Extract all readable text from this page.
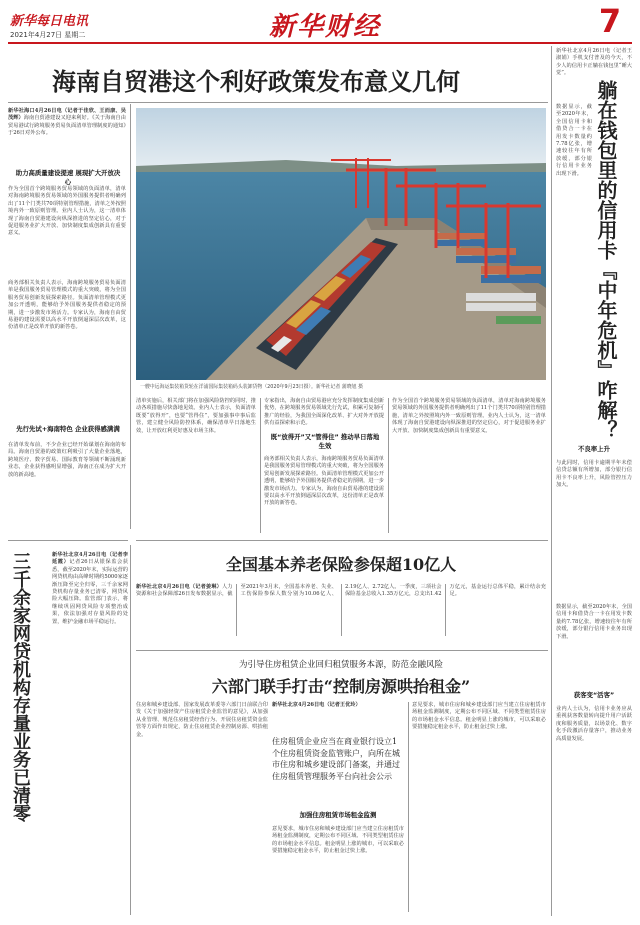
新华每日电讯
2021年4月27日 星期二	新华财经	7
海南自贸港这个利好政策发布意义几何
新华社海口4月26日电（记者于佳欣、王而康、吴茂辉）海南自贸港建设又迎来利好。《关于海南自由贸易港试行跨境服务贸易负面清单管理制度的通知》于26日对外公布。
助力高质量建设提速 展现扩大开放决心
作为全国首个跨境服务贸易领域的负面清单，清单对海南跨境服务贸易领域的外国服务提供者明确列出了11个门类共70项特别管理措施，清单之外按照境内外一致原则管理。业内人士认为，这一清单体现了海南自贸港建设向纵深推进的坚定信心，对于促进服务业扩大开放、加快制度集成创新具有重要意义。
商务部相关负责人表示，海南跨境服务贸易负面清单是我国服务贸易管理模式的重大突破，将为全国服务贸易创新发展探索路径。负面清单管理模式更加公开透明，能够给予外国服务提供者稳定的预期，进一步激发市场活力。专家认为，海南自由贸易港的建设需要以高水平开放倒逼深层次改革，这份清单正是改革开放的新答卷。
先行先试+海南特色 企业获得感满满
在清单发布前，不少企业已经开始谋划在海南的布局。海南自贸港的政策红利吸引了大量企业落地，跨境医疗、数字贸易、国际教育等领域不断涌现新业态，企业获得感明显增强，海南正在成为扩大开放的新高地。
三千余家网贷机构存量业务已清零	新华社北京4月26日电（记者李延霞）记者26日从银保监会获悉，截至2020年末，实际运营的网贷机构由高峰时期约5000家逐渐压降至完全归零，三千余家网贷机构存量业务已清零，网贷风险大幅压降。监管部门表示，将继续巩固网贷风险专项整治成果，依法加强对存量风险的处置，维护金融市场平稳运行。
一艘中远海运集装箱货轮在洋浦国际集装箱码头装卸货物（2020年9月23日摄）。新华社记者 蒲晓旭 摄
清单实施后，相关部门将在加强风险防控的同时，推动各项措施尽快落地见效。业内人士表示，负面清单既要“放得开”，也要“管得住”，要加强事中事后监管，建立健全风险防控体系，确保清单早日落地生效，让开放红利更好惠及市场主体。
专家指出，海南自由贸易港应充分发挥制度集成创新优势，在跨境服务贸易领域先行先试，积累可复制可推广的经验，为我国全面深化改革、扩大对外开放提供有益探索和示范。
既“放得开”又“管得住” 推动早日落地生效
商务部相关负责人表示，海南跨境服务贸易负面清单是我国服务贸易管理模式的重大突破，将为全国服务贸易创新发展探索路径。负面清单管理模式更加公开透明，能够给予外国服务提供者稳定的预期，进一步激发市场活力。专家认为，海南自由贸易港的建设需要以高水平开放倒逼深层次改革，这份清单正是改革开放的新答卷。
作为全国首个跨境服务贸易领域的负面清单，清单对海南跨境服务贸易领域的外国服务提供者明确列出了11个门类共70项特别管理措施，清单之外按照境内外一致原则管理。业内人士认为，这一清单体现了海南自贸港建设向纵深推进的坚定信心，对于促进服务业扩大开放、加快制度集成创新具有重要意义。
全国基本养老保险参保超10亿人
新华社北京4月26日电（记者姜琳）人力资源和社会保障部26日发布数据显示，截至2021年3月末，全国基本养老、失业、工伤保险参保人数分别为10.06亿人、2.19亿人、2.72亿人。一季度，三项社会保险基金总收入1.35万亿元，总支出1.42万亿元，基金运行总体平稳，累计结余充足。
为引导住房租赁企业回归租赁服务本源，防范金融风险
六部门联手打击“控制房源哄抬租金”
住房和城乡建设部、国家发展改革委等六部门日前联合印发《关于加强轻资产住房租赁企业监管的意见》，从加强从业管理、规范住房租赁经营行为、开展住房租赁资金监管等方面作出规定，防止住房租赁企业控制房源、哄抬租金。
新华社北京4月26日电（记者王优玲）
住房租赁企业应当在商业银行设立1个住房租赁资金监管账户，向所在城市住房和城乡建设部门备案，并通过住房租赁管理服务平台向社会公示
加强住房租赁市场租金监测
意见要求，城市住房和城乡建设部门应当建立住房租赁市场租金监测制度，定期公布不同区域、不同类型租赁住房的市场租金水平信息。租金明显上涨的城市，可以采取必要措施稳定租金水平，防止租金过快上涨。
意见要求，城市住房和城乡建设部门应当建立住房租赁市场租金监测制度，定期公布不同区域、不同类型租赁住房的市场租金水平信息。租金明显上涨的城市，可以采取必要措施稳定租金水平，防止租金过快上涨。
新华社北京4月26日电（记者王淑娟）手机支付普及的今天，不少人的信用卡正躺在钱包里“睡大觉”。
躺在钱包里的信用卡『中年危机』咋解？
数据显示，截至2020年末，全国信用卡和借贷合一卡在用发卡数量约7.78亿张，增速较往年有所放缓，部分银行信用卡业务出现下滑。
不良率上升
与此同时，信用卡逾期半年未偿信贷总额有所增加，部分银行信用卡不良率上升，风险管控压力加大。
数据显示，截至2020年末，全国信用卡和借贷合一卡在用发卡数量约7.78亿张，增速较往年有所放缓，部分银行信用卡业务出现下滑。
获客变“活客”
业内人士认为，信用卡业务应从重视获客数量转向提升用户活跃度和服务质量，以场景化、数字化手段激活存量客户，推动业务高质量发展。
